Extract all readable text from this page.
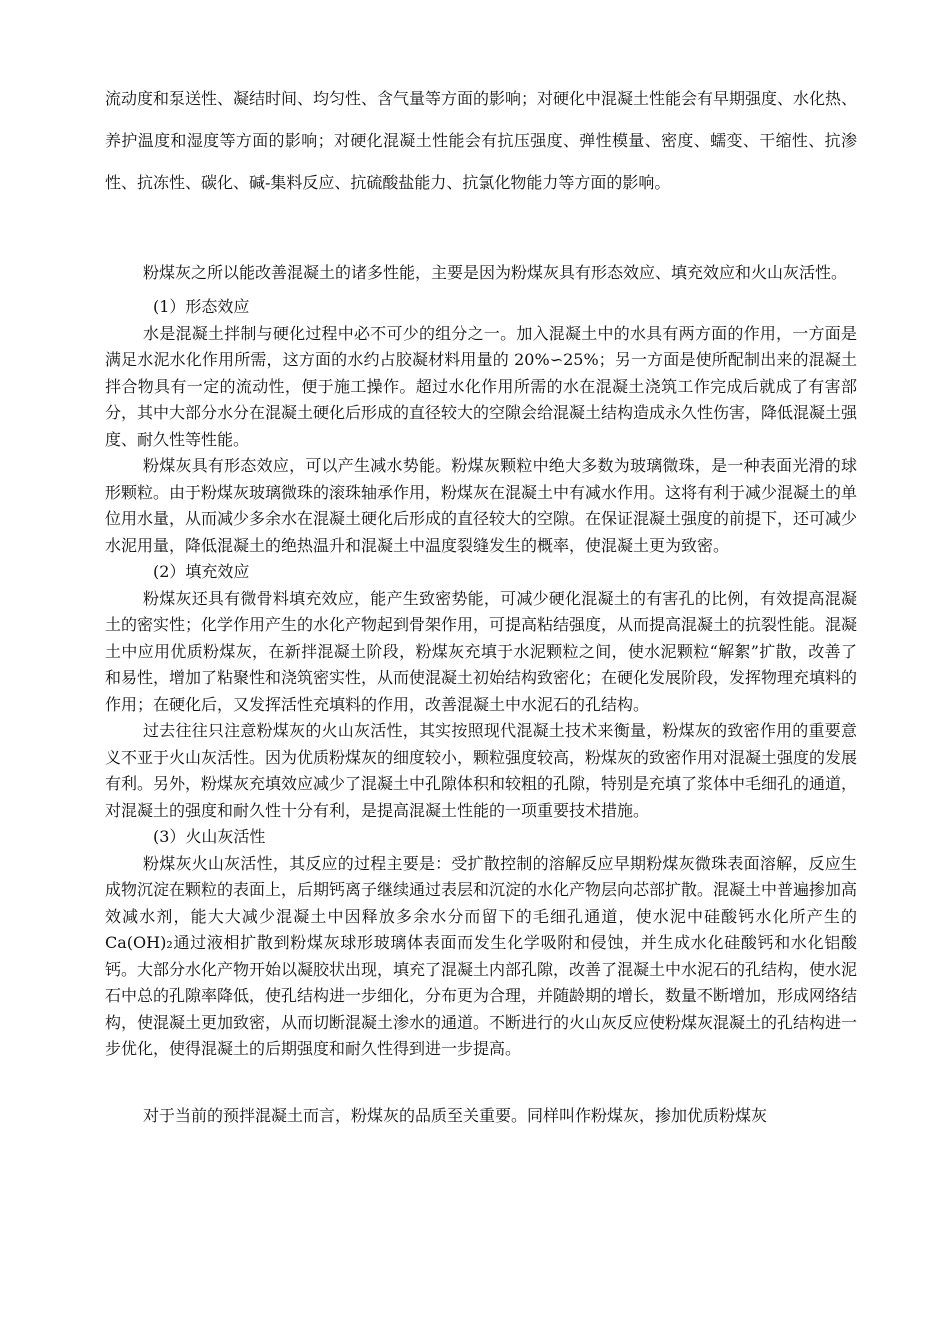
流动度和泵送性、凝结时间、均匀性、含气量等方面的影响；对硬化中混凝土性能会有早期强度、水化热、养护温度和湿度等方面的影响；对硬化混凝土性能会有抗压强度、弹性模量、密度、蠕变、干缩性、抗渗性、抗冻性、碳化、碱-集料反应、抗硫酸盐能力、抗氯化物能力等方面的影响。

粉煤灰之所以能改善混凝土的诸多性能，主要是因为粉煤灰具有形态效应、填充效应和火山灰活性。

(1）形态效应

水是混凝土拌制与硬化过程中必不可少的组分之一。加入混凝土中的水具有两方面的作用，一方面是满足水泥水化作用所需，这方面的水约占胶凝材料用量的 20%∽25%；另一方面是使所配制出来的混凝土拌合物具有一定的流动性，便于施工操作。超过水化作用所需的水在混凝土浇筑工作完成后就成了有害部分，其中大部分水分在混凝土硬化后形成的直径较大的空隙会给混凝土结构造成永久性伤害，降低混凝土强度、耐久性等性能。

粉煤灰具有形态效应，可以产生减水势能。粉煤灰颗粒中绝大多数为玻璃微珠，是一种表面光滑的球形颗粒。由于粉煤灰玻璃微珠的滚珠轴承作用，粉煤灰在混凝土中有减水作用。这将有利于减少混凝土的单位用水量，从而减少多余水在混凝土硬化后形成的直径较大的空隙。在保证混凝土强度的前提下，还可减少水泥用量，降低混凝土的绝热温升和混凝土中温度裂缝发生的概率，使混凝土更为致密。

(2）填充效应

粉煤灰还具有微骨料填充效应，能产生致密势能，可减少硬化混凝土的有害孔的比例，有效提高混凝土的密实性；化学作用产生的水化产物起到骨架作用，可提高粘结强度，从而提高混凝土的抗裂性能。混凝土中应用优质粉煤灰，在新拌混凝土阶段，粉煤灰充填于水泥颗粒之间，使水泥颗粒“解絮”扩散，改善了和易性，增加了粘聚性和浇筑密实性，从而使混凝土初始结构致密化；在硬化发展阶段，发挥物理充填料的作用；在硬化后，又发挥活性充填料的作用，改善混凝土中水泥石的孔结构。

过去往往只注意粉煤灰的火山灰活性，其实按照现代混凝土技术来衡量，粉煤灰的致密作用的重要意义不亚于火山灰活性。因为优质粉煤灰的细度较小，颗粒强度较高，粉煤灰的致密作用对混凝土强度的发展有利。另外，粉煤灰充填效应减少了混凝土中孔隙体积和较粗的孔隙，特别是充填了浆体中毛细孔的通道，对混凝土的强度和耐久性十分有利，是提高混凝土性能的一项重要技术措施。

(3）火山灰活性

粉煤灰火山灰活性，其反应的过程主要是：受扩散控制的溶解反应早期粉煤灰微珠表面溶解，反应生成物沉淀在颗粒的表面上，后期钙离子继续通过表层和沉淀的水化产物层向芯部扩散。混凝土中普遍掺加高效减水剂，能大大减少混凝土中因释放多余水分而留下的毛细孔通道，使水泥中硅酸钙水化所产生的 Ca(OH)₂通过液相扩散到粉煤灰球形玻璃体表面而发生化学吸附和侵蚀，并生成水化硅酸钙和水化铝酸钙。大部分水化产物开始以凝胶状出现，填充了混凝土内部孔隙，改善了混凝土中水泥石的孔结构，使水泥石中总的孔隙率降低，使孔结构进一步细化，分布更为合理，并随龄期的增长，数量不断增加，形成网络结构，使混凝土更加致密，从而切断混凝土渗水的通道。不断进行的火山灰反应使粉煤灰混凝土的孔结构进一步优化，使得混凝土的后期强度和耐久性得到进一步提高。

对于当前的预拌混凝土而言，粉煤灰的品质至关重要。同样叫作粉煤灰，掺加优质粉煤灰
